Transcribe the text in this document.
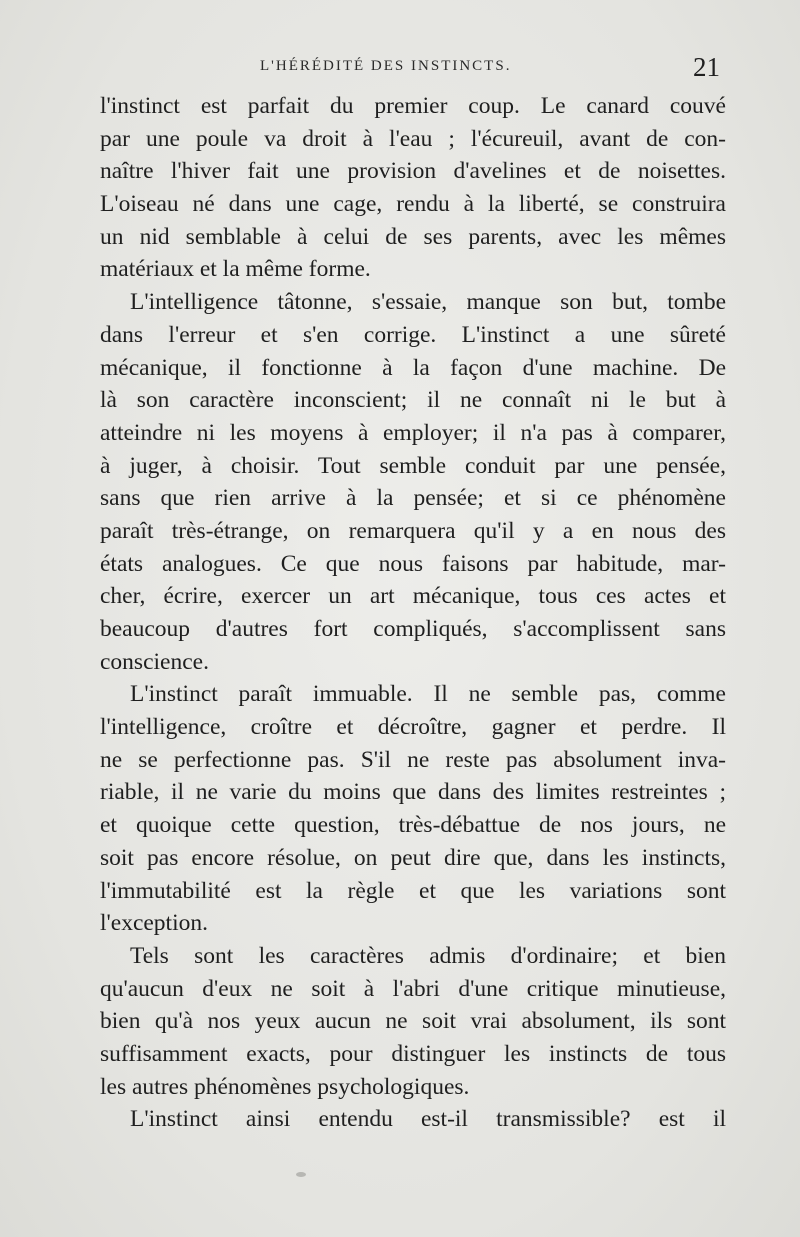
L'HÉRÉDITÉ DES INSTINCTS.	21
l'instinct est parfait du premier coup. Le canard couvé
par une poule va droit à l'eau ; l'écureuil, avant de con-
naître l'hiver fait une provision d'avelines et de noisettes.
L'oiseau né dans une cage, rendu à la liberté, se construira
un nid semblable à celui de ses parents, avec les mêmes
matériaux et la même forme.
L'intelligence tâtonne, s'essaie, manque son but, tombe
dans l'erreur et s'en corrige. L'instinct a une sûreté
mécanique, il fonctionne à la façon d'une machine. De
là son caractère inconscient; il ne connaît ni le but à
atteindre ni les moyens à employer; il n'a pas à comparer,
à juger, à choisir. Tout semble conduit par une pensée,
sans que rien arrive à la pensée; et si ce phénomène
paraît très-étrange, on remarquera qu'il y a en nous des
états analogues. Ce que nous faisons par habitude, mar-
cher, écrire, exercer un art mécanique, tous ces actes et
beaucoup d'autres fort compliqués, s'accomplissent sans
conscience.
L'instinct paraît immuable. Il ne semble pas, comme
l'intelligence, croître et décroître, gagner et perdre. Il
ne se perfectionne pas. S'il ne reste pas absolument inva-
riable, il ne varie du moins que dans des limites restreintes ;
et quoique cette question, très-débattue de nos jours, ne
soit pas encore résolue, on peut dire que, dans les instincts,
l'immutabilité est la règle et que les variations sont
l'exception.
Tels sont les caractères admis d'ordinaire; et bien
qu'aucun d'eux ne soit à l'abri d'une critique minutieuse,
bien qu'à nos yeux aucun ne soit vrai absolument, ils sont
suffisamment exacts, pour distinguer les instincts de tous
les autres phénomènes psychologiques.
L'instinct ainsi entendu est-il transmissible? est il
